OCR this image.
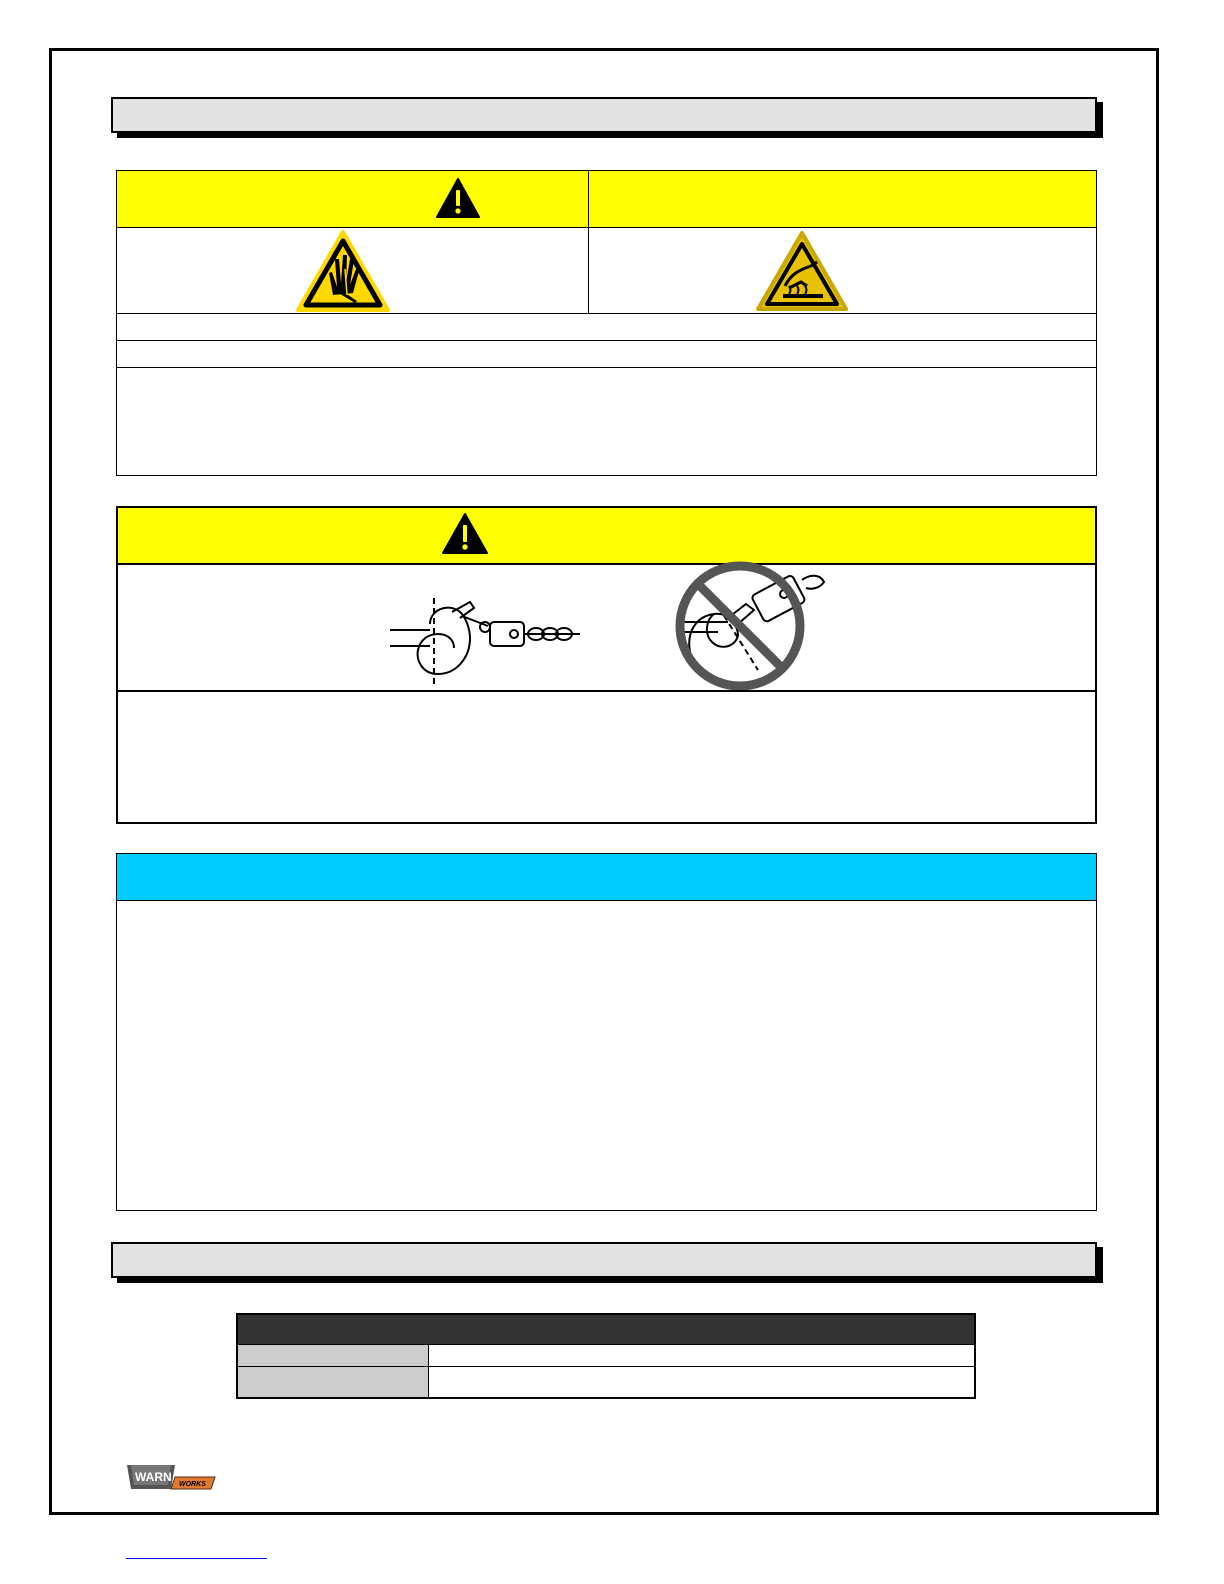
WARN
WORKS
